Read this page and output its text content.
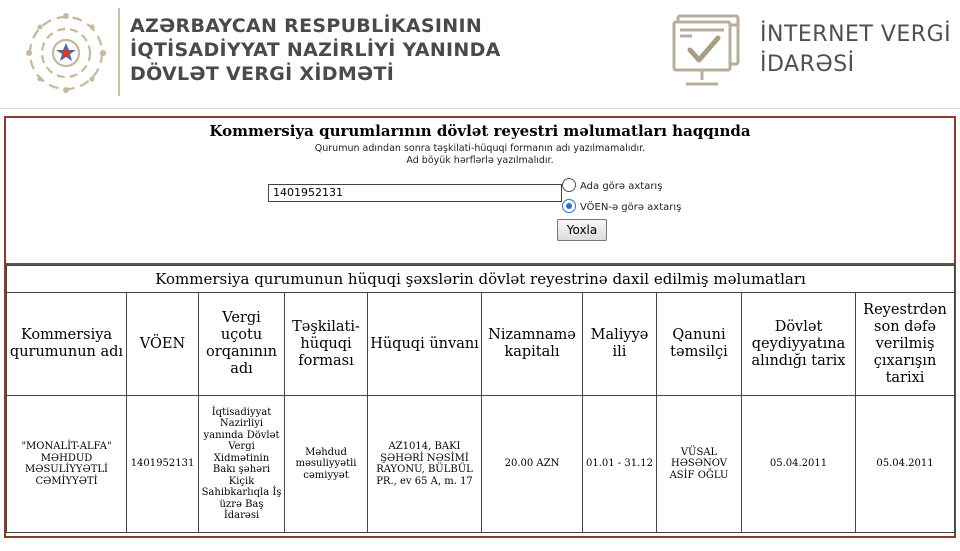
AZƏRBAYCAN RESPUBLİKASININ
İQTİSADİYYAT NAZİRLİYİ YANINDA
DÖVLƏT VERGİ XİDMƏTİ
İNTERNET VERGİ
İDARƏSİ
Kommersiya qurumlarının dövlət reyestri məlumatları haqqında
Qurumun adından sonra təşkilati-hüquqi formanın adı yazılmamalıdır.
Ad böyük hərflərlə yazılmalıdır.
1401952131	Ada görə axtarış
VÖEN-ə görə axtarış
Yoxla
Kommersiya qurumunun hüquqi şəxslərin dövlət reyestrinə daxil edilmiş məlumatları									
Kommersiya qurumunun adı	VÖEN	Vergi uçotu orqanının adı	Təşkilati-hüquqi forması	Hüquqi ünvanı	Nizamnamə kapitalı	Maliyyə ili	Qanuni təmsilçi	Dövlət qeydiyyatına alındığı tarix	Reyestrdən son dəfə verilmiş çıxarışın tarixi
"MONALİT-ALFA" MƏHDUD MƏSULİYYƏTLİ CƏMİYYƏTİ	1401952131	İqtisadiyyat Nazirliyi yanında Dövlət Vergi Xidmətinin Bakı şəhəri Kiçik Sahibkarlıqla İş üzrə Baş İdarəsi	Məhdud məsuliyyətli cəmiyyət	AZ1014, BAKI ŞƏHƏRİ NƏSİMİ RAYONU, BÜLBÜL PR., ev 65 A, m. 17	20.00 AZN	01.01 - 31.12	VÜSAL HƏSƏNOV ASİF OĞLU	05.04.2011	05.04.2011
